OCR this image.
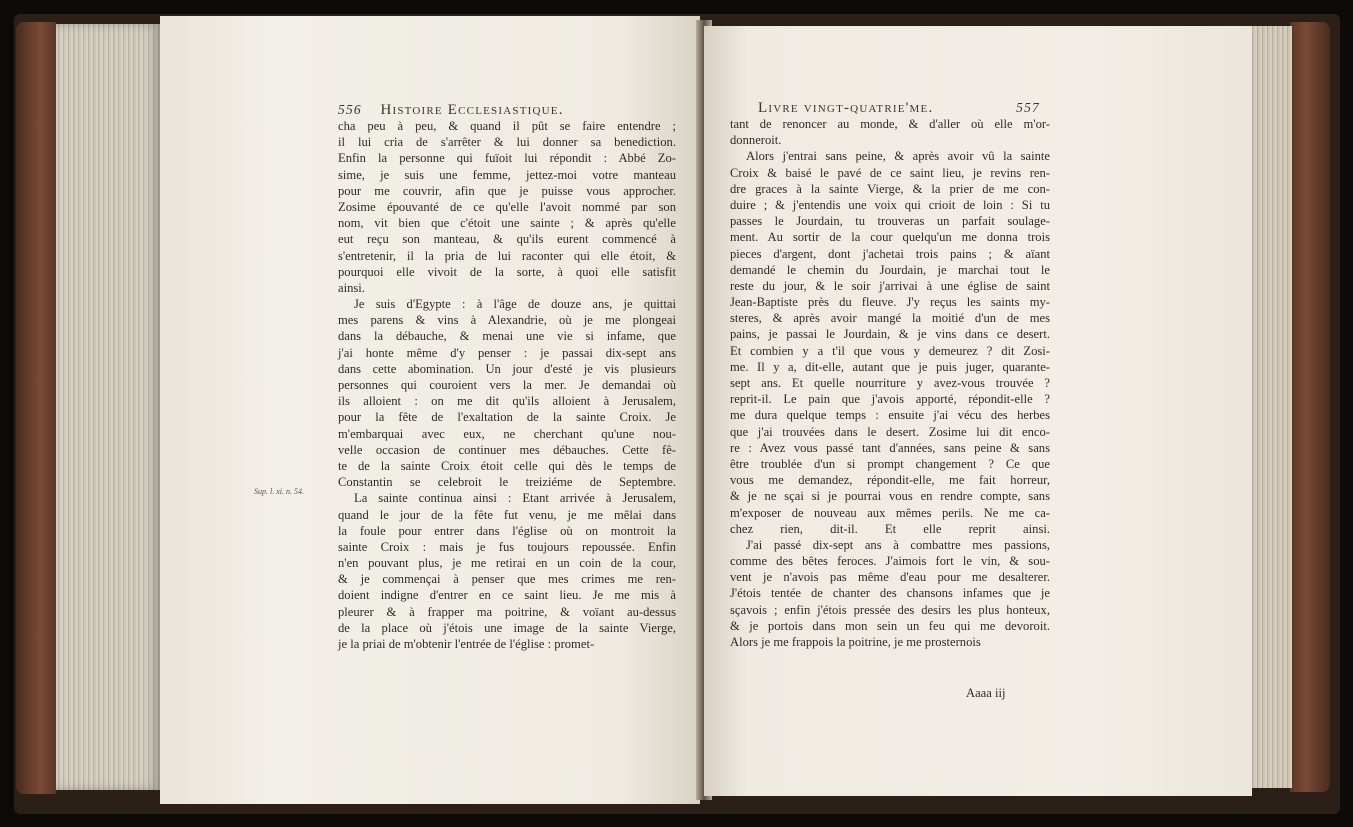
556 Histoire Ecclesiastique.
Sup. l. xi. n. 54.
cha peu à peu, & quand il pût se faire entendre ;
il lui cria de s'arrêter & lui donner sa benediction.
Enfin la personne qui fuïoit lui répondit : Abbé Zo-
sime, je suis une femme, jettez-moi votre manteau
pour me couvrir, afin que je puisse vous approcher.
Zosime épouvanté de ce qu'elle l'avoit nommé par son
nom, vit bien que c'étoit une sainte ; & après qu'elle
eut reçu son manteau, & qu'ils eurent commencé à
s'entretenir, il la pria de lui raconter qui elle étoit, &
pourquoi elle vivoit de la sorte, à quoi elle satisfit
ainsi.
Je suis d'Egypte : à l'âge de douze ans, je quittai
mes parens & vins à Alexandrie, où je me plongeai
dans la débauche, & menai une vie si infame, que
j'ai honte même d'y penser : je passai dix-sept ans
dans cette abomination. Un jour d'esté je vis plusieurs
personnes qui couroient vers la mer. Je demandai où
ils alloient : on me dit qu'ils alloient à Jerusalem,
pour la fête de l'exaltation de la sainte Croix. Je
m'embarquai avec eux, ne cherchant qu'une nou-
velle occasion de continuer mes débauches. Cette fê-
te de la sainte Croix étoit celle qui dès le temps de
Constantin se celebroit le treiziéme de Septembre.
La sainte continua ainsi : Etant arrivée à Jerusalem,
quand le jour de la fête fut venu, je me mêlai dans
la foule pour entrer dans l'église où on montroit la
sainte Croix : mais je fus toujours repoussée. Enfin
n'en pouvant plus, je me retirai en un coin de la cour,
& je commençai à penser que mes crimes me ren-
doient indigne d'entrer en ce saint lieu. Je me mis à
pleurer & à frapper ma poitrine, & voïant au-dessus
de la place où j'étois une image de la sainte Vierge,
je la priai de m'obtenir l'entrée de l'église : promet-
Livre vingt-quatrie'me.	557
tant de renoncer au monde, & d'aller où elle m'or-
donneroit.
Alors j'entrai sans peine, & après avoir vû la sainte
Croix & baisé le pavé de ce saint lieu, je revins ren-
dre graces à la sainte Vierge, & la prier de me con-
duire ; & j'entendis une voix qui crioit de loin : Si tu
passes le Jourdain, tu trouveras un parfait soulage-
ment. Au sortir de la cour quelqu'un me donna trois
pieces d'argent, dont j'achetai trois pains ; & aïant
demandé le chemin du Jourdain, je marchai tout le
reste du jour, & le soir j'arrivai à une église de saint
Jean-Baptiste près du fleuve. J'y reçus les saints my-
steres, & après avoir mangé la moitié d'un de mes
pains, je passai le Jourdain, & je vins dans ce desert.
Et combien y a t'il que vous y demeurez ? dit Zosi-
me. Il y a, dit-elle, autant que je puis juger, quarante-
sept ans. Et quelle nourriture y avez-vous trouvée ?
reprit-il. Le pain que j'avois apporté, répondit-elle ?
me dura quelque temps : ensuite j'ai vécu des herbes
que j'ai trouvées dans le desert. Zosime lui dit enco-
re : Avez vous passé tant d'années, sans peine & sans
être troublée d'un si prompt changement ? Ce que
vous me demandez, répondit-elle, me fait horreur,
& je ne sçai si je pourrai vous en rendre compte, sans
m'exposer de nouveau aux mêmes perils. Ne me ca-
chez rien, dit-il. Et elle reprit ainsi.
J'ai passé dix-sept ans à combattre mes passions,
comme des bêtes feroces. J'aimois fort le vin, & sou-
vent je n'avois pas même d'eau pour me desalterer.
J'étois tentée de chanter des chansons infames que je
sçavois ; enfin j'étois pressée des desirs les plus honteux,
& je portois dans mon sein un feu qui me devoroit.
Alors je me frappois la poitrine, je me prosternois
Aaaa iij
